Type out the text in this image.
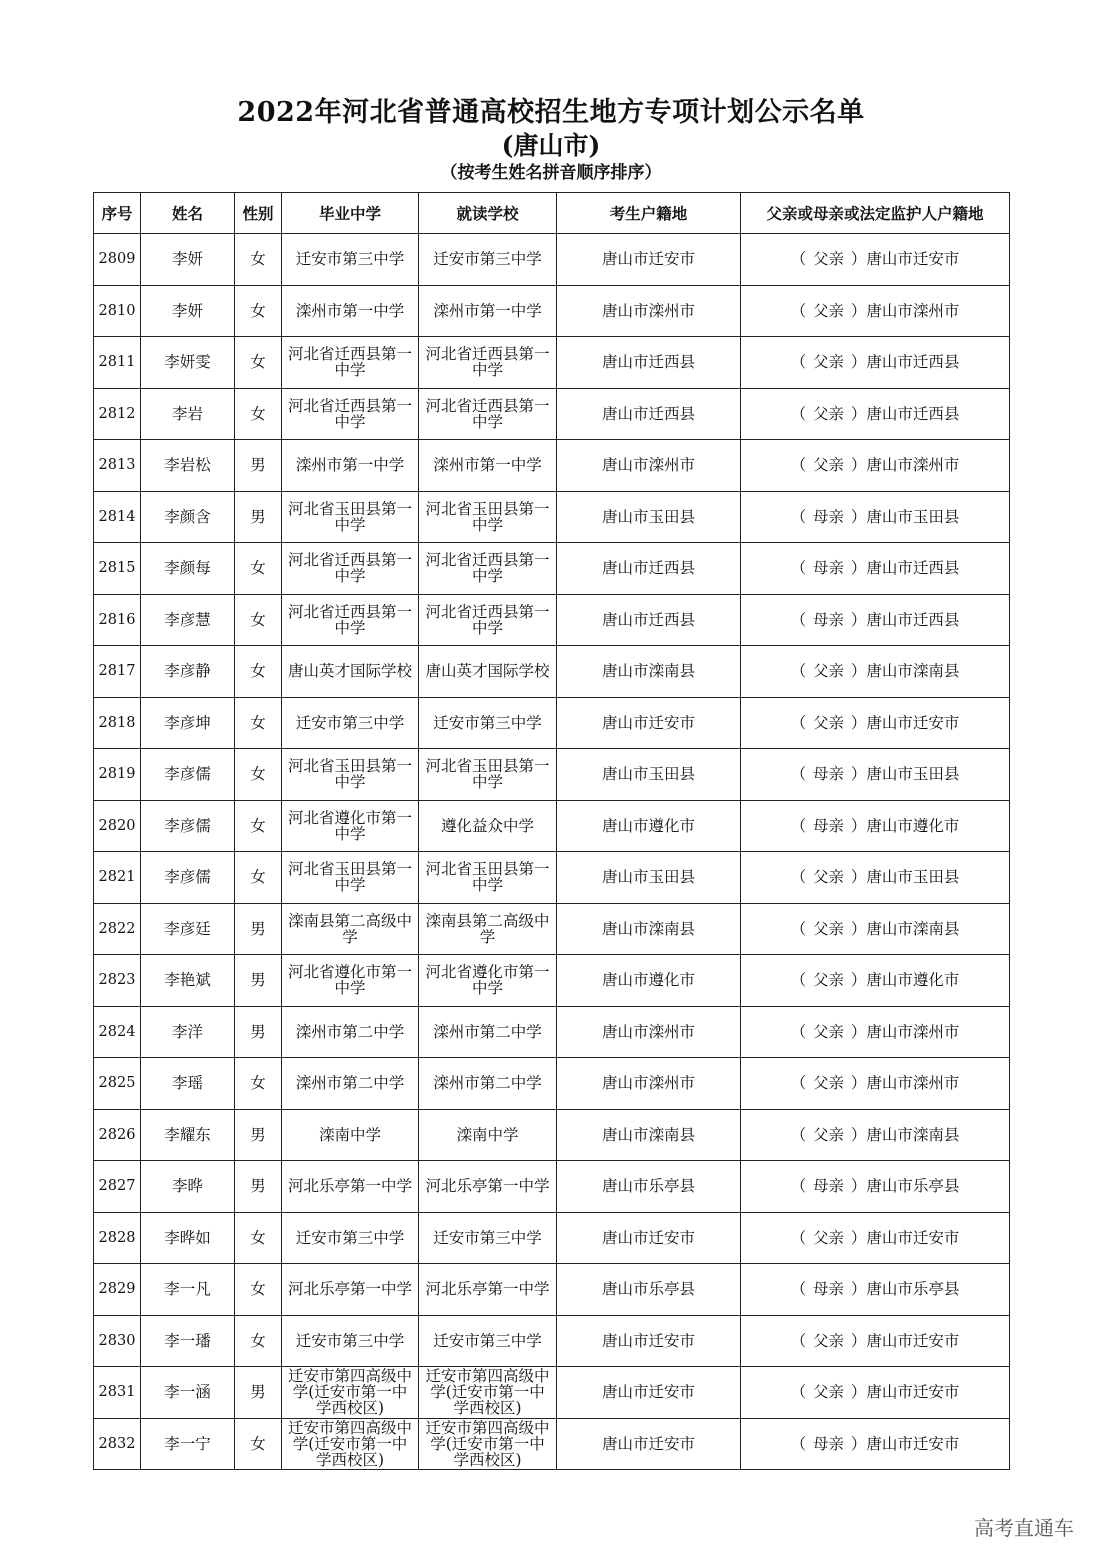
2022年河北省普通高校招生地方专项计划公示名单
(唐山市)
（按考生姓名拼音顺序排序）
序号	姓名	性别	毕业中学	就读学校	考生户籍地	父亲或母亲或法定监护人户籍地
2809	李妍	女	迁安市第三中学	迁安市第三中学	唐山市迁安市	（ 父亲 ）唐山市迁安市
2810	李妍	女	滦州市第一中学	滦州市第一中学	唐山市滦州市	（ 父亲 ）唐山市滦州市
2811	李妍雯	女	河北省迁西县第一中学	河北省迁西县第一中学	唐山市迁西县	（ 父亲 ）唐山市迁西县
2812	李岩	女	河北省迁西县第一中学	河北省迁西县第一中学	唐山市迁西县	（ 父亲 ）唐山市迁西县
2813	李岩松	男	滦州市第一中学	滦州市第一中学	唐山市滦州市	（ 父亲 ）唐山市滦州市
2814	李颜含	男	河北省玉田县第一中学	河北省玉田县第一中学	唐山市玉田县	（ 母亲 ）唐山市玉田县
2815	李颜每	女	河北省迁西县第一中学	河北省迁西县第一中学	唐山市迁西县	（ 母亲 ）唐山市迁西县
2816	李彦慧	女	河北省迁西县第一中学	河北省迁西县第一中学	唐山市迁西县	（ 母亲 ）唐山市迁西县
2817	李彦静	女	唐山英才国际学校	唐山英才国际学校	唐山市滦南县	（ 父亲 ）唐山市滦南县
2818	李彦坤	女	迁安市第三中学	迁安市第三中学	唐山市迁安市	（ 父亲 ）唐山市迁安市
2819	李彦儒	女	河北省玉田县第一中学	河北省玉田县第一中学	唐山市玉田县	（ 母亲 ）唐山市玉田县
2820	李彦儒	女	河北省遵化市第一中学	遵化益众中学	唐山市遵化市	（ 母亲 ）唐山市遵化市
2821	李彦儒	女	河北省玉田县第一中学	河北省玉田县第一中学	唐山市玉田县	（ 父亲 ）唐山市玉田县
2822	李彦廷	男	滦南县第二高级中学	滦南县第二高级中学	唐山市滦南县	（ 父亲 ）唐山市滦南县
2823	李艳斌	男	河北省遵化市第一中学	河北省遵化市第一中学	唐山市遵化市	（ 父亲 ）唐山市遵化市
2824	李洋	男	滦州市第二中学	滦州市第二中学	唐山市滦州市	（ 父亲 ）唐山市滦州市
2825	李瑶	女	滦州市第二中学	滦州市第二中学	唐山市滦州市	（ 父亲 ）唐山市滦州市
2826	李耀东	男	滦南中学	滦南中学	唐山市滦南县	（ 父亲 ）唐山市滦南县
2827	李晔	男	河北乐亭第一中学	河北乐亭第一中学	唐山市乐亭县	（ 母亲 ）唐山市乐亭县
2828	李晔如	女	迁安市第三中学	迁安市第三中学	唐山市迁安市	（ 父亲 ）唐山市迁安市
2829	李一凡	女	河北乐亭第一中学	河北乐亭第一中学	唐山市乐亭县	（ 母亲 ）唐山市乐亭县
2830	李一璠	女	迁安市第三中学	迁安市第三中学	唐山市迁安市	（ 父亲 ）唐山市迁安市
2831	李一涵	男	迁安市第四高级中学(迁安市第一中学西校区)	迁安市第四高级中学(迁安市第一中学西校区)	唐山市迁安市	（ 父亲 ）唐山市迁安市
2832	李一宁	女	迁安市第四高级中学(迁安市第一中学西校区)	迁安市第四高级中学(迁安市第一中学西校区)	唐山市迁安市	（ 母亲 ）唐山市迁安市
高考直通车
